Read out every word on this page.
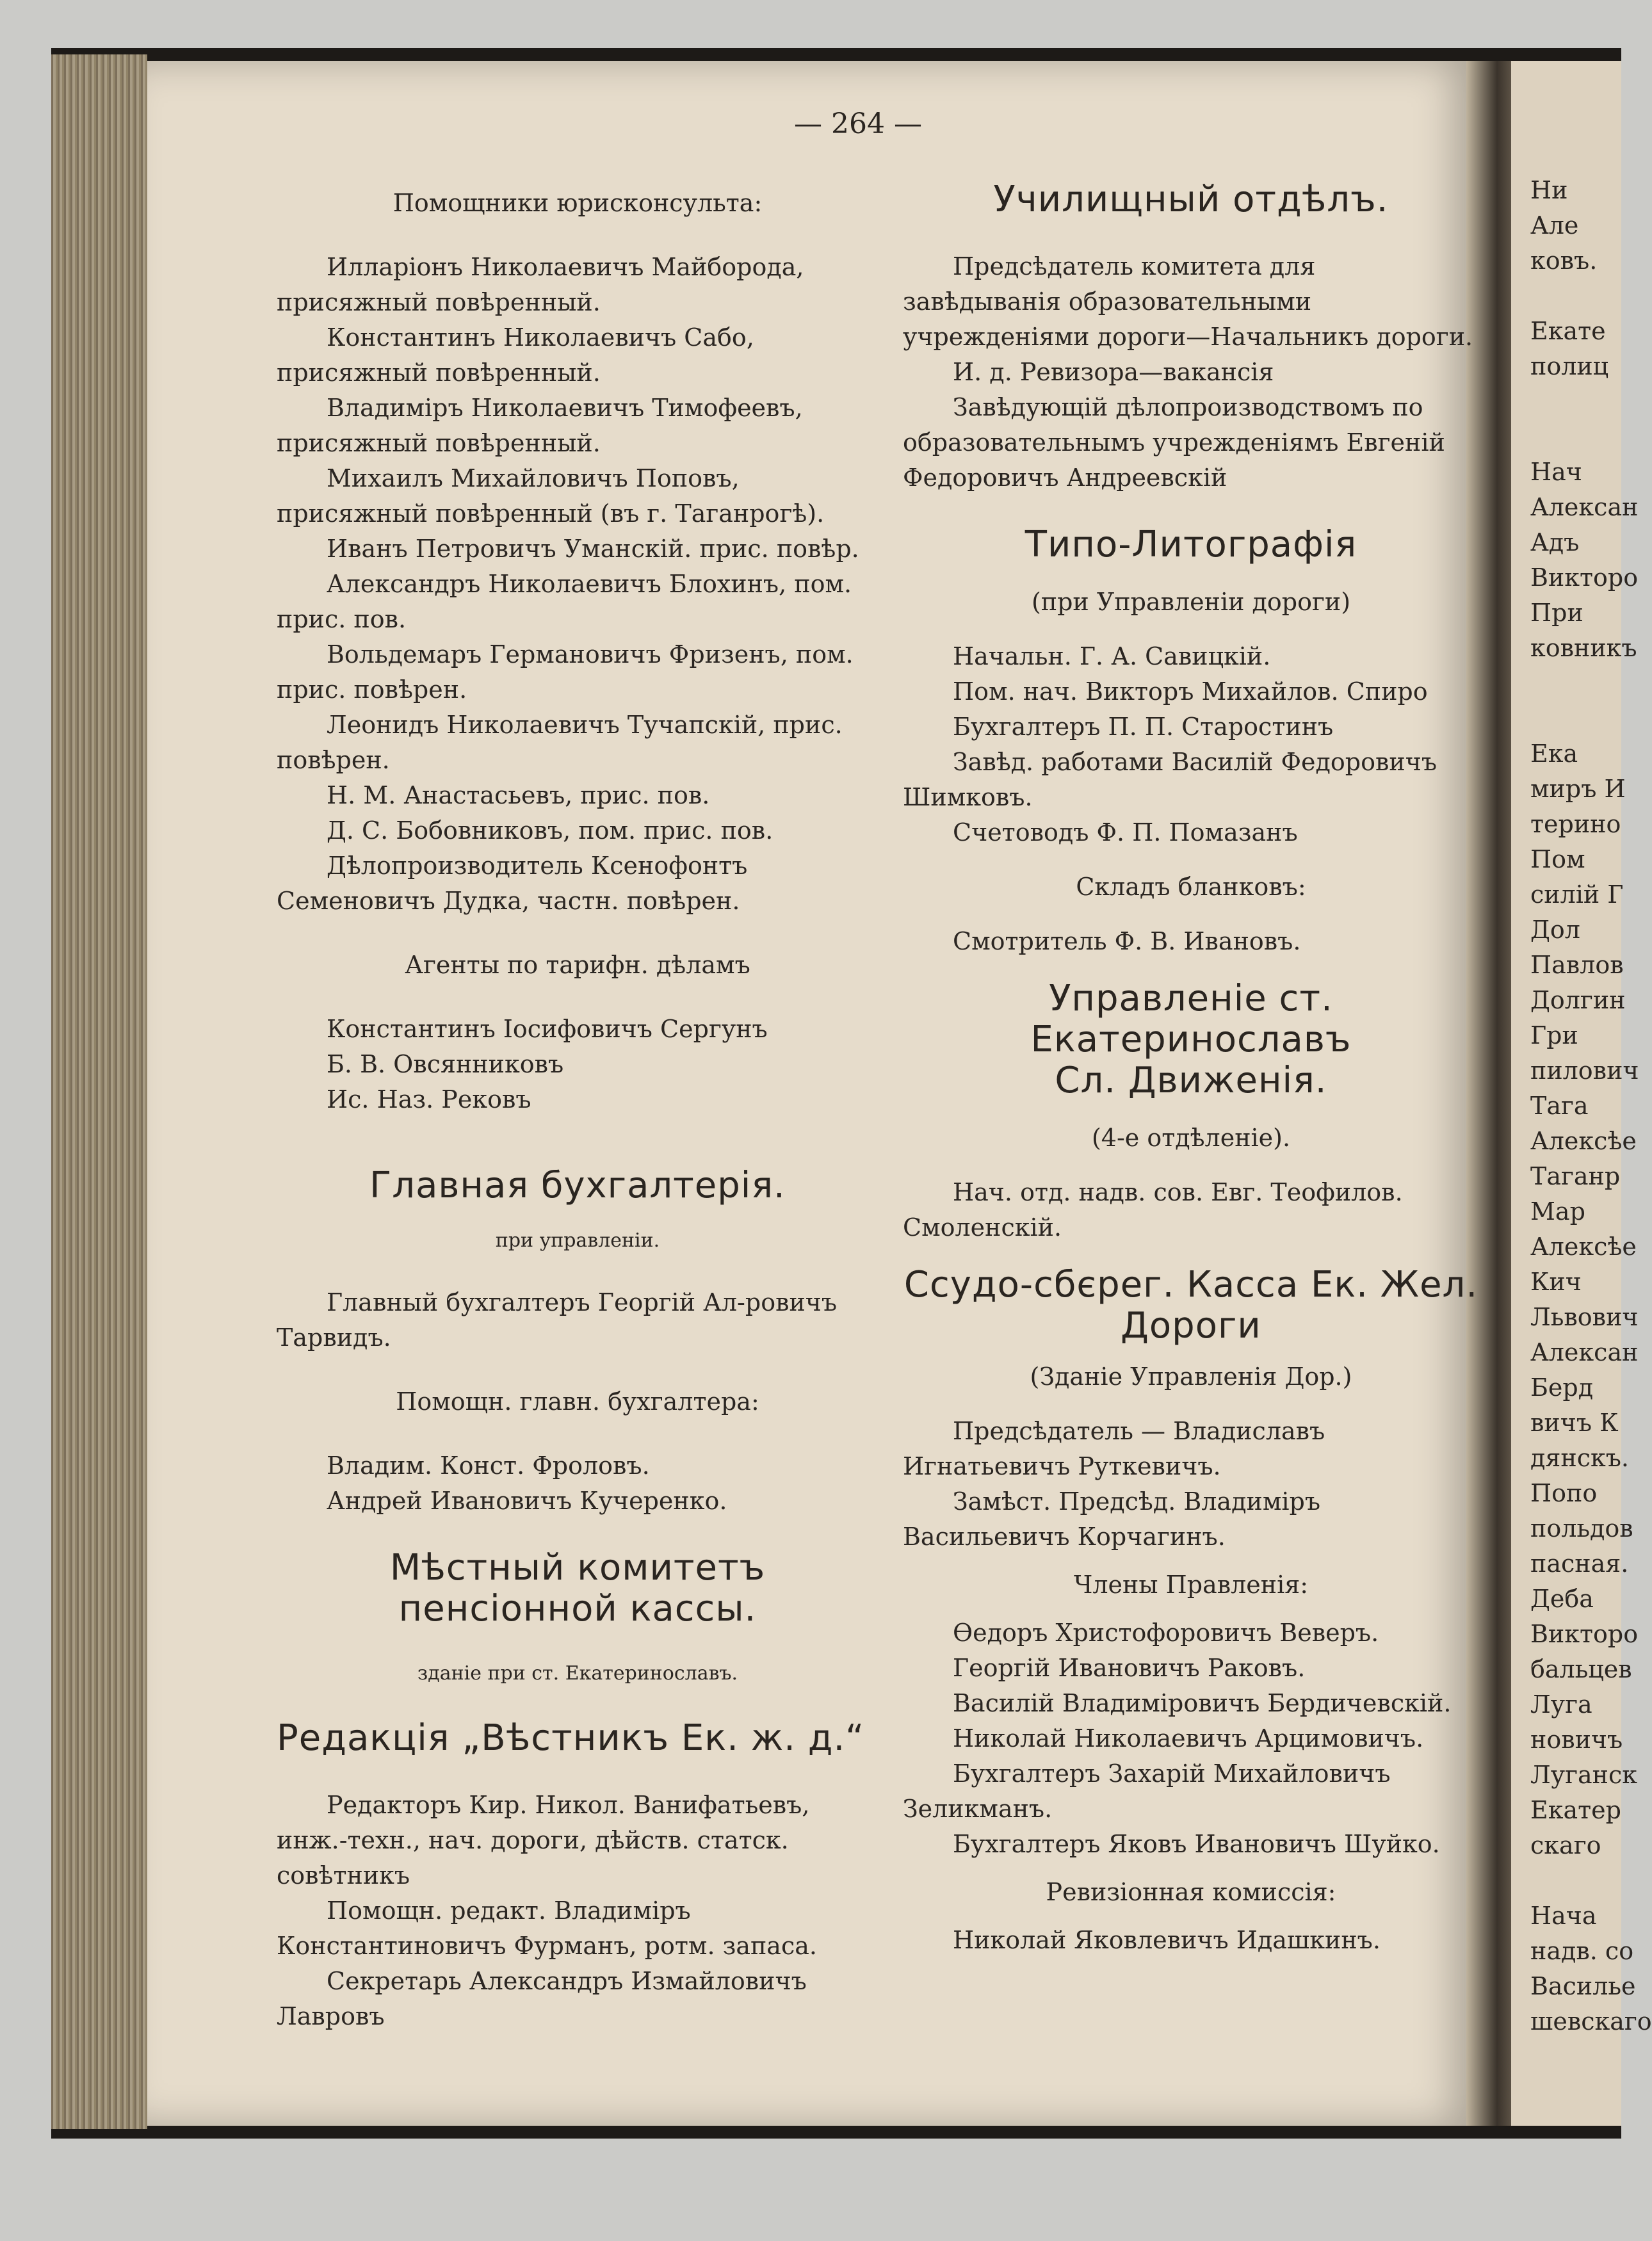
— 264 —

Помощники юрисконсульта:

Илларіонъ Николаевичъ Майборода, присяжный повѣренный.

Константинъ Николаевичъ Сабо, присяжный повѣренный.

Владиміръ Николаевичъ Тимофеевъ, присяжный повѣренный.

Михаилъ Михайловичъ Поповъ, присяжный повѣренный (въ г. Таганрогѣ).

Иванъ Петровичъ Уманскій. прис. повѣр.

Александръ Николаевичъ Блохинъ, пом. прис. пов.

Вольдемаръ Германовичъ Фризенъ, пом. прис. повѣрен.

Леонидъ Николаевичъ Тучапскій, прис. повѣрен.

Н. М. Анастасьевъ, прис. пов.

Д. С. Бобовниковъ, пом. прис. пов.

Дѣлопроизводитель Ксенофонтъ Семеновичъ Дудка, частн. повѣрен.

Агенты по тарифн. дѣламъ

Константинъ Іосифовичъ Сергунъ

Б. В. Овсянниковъ

Ис. Наз. Рековъ

Главная бухгалтерія.

при управленіи.

Главный бухгалтеръ Георгій Ал-ровичъ Тарвидъ.

Помощн. главн. бухгалтера:

Владим. Конст. Фроловъ.

Андрей Ивановичъ Кучеренко.

Мѣстный комитетъ пенсіонной кассы.

зданіе при ст. Екатеринославъ.

Редакція „Вѣстникъ Ек. ж. д.“

Редакторъ Кир. Никол. Ванифатьевъ, инж.-техн., нач. дороги, дѣйств. статск. совѣтникъ

Помощн. редакт. Владиміръ Константиновичъ Фурманъ, ротм. запаса.

Секретарь Александръ Измайловичъ Лавровъ

Училищный отдѣлъ.

Предсѣдатель комитета для завѣдыванія образовательными учрежденіями дороги—Начальникъ дороги.

И. д. Ревизора—вакансія

Завѣдующій дѣлопроизводствомъ по образовательнымъ учрежденіямъ Евгеній Федоровичъ Андреевскій

Типо-Литографія

(при Управленіи дороги)

Начальн. Г. А. Савицкій.

Пом. нач. Викторъ Михайлов. Спиро

Бухгалтеръ П. П. Старостинъ

Завѣд. работами Василій Федоровичъ Шимковъ.

Счетоводъ Ф. П. Помазанъ

Складъ бланковъ:

Смотритель Ф. В. Ивановъ.

Управленіе ст. Екатеринославъ
Сл. Движенія.

(4-е отдѣленіе).

Нач. отд. надв. сов. Евг. Теофилов. Смоленскій.

Ссудо-сбєрег. Касса Ек. Жел.
Дороги

(Зданіе Управленія Дор.)

Предсѣдатель — Владиславъ Игнатьевичъ Руткевичъ.

Замѣст. Предсѣд. Владиміръ Васильевичъ Корчагинъ.

Члены Правленія:

Өедоръ Христофоровичъ Веверъ.

Георгій Ивановичъ Раковъ.

Василій Владиміровичъ Бердичевскій.

Николай Николаевичъ Арцимовичъ.

Бухгалтеръ Захарій Михайловичъ Зеликманъ.

Бухгалтеръ Яковъ Ивановичъ Шуйко.

Ревизіонная комиссія:

Николай Яковлевичъ Идашкинъ.

Ни
Але
ковъ.

Екате
полиц

Нач
Алексан
Адъ
Викторо
При
ковникъ

Ека
миръ И
терино
Пом
силій Г
Дол
Павлов
Долгин
Гри
пилович
Тага
Алексѣе
Таганр
Мар
Алексѣе
Кич
Львович
Алексан
Берд
вичъ К
дянскъ.
Попо
польдов
пасная.
Деба
Викторо
бальцев
Луга
новичъ
Луганск
Екатер
скаго

Нача
надв. со
Василье
шевскаго
